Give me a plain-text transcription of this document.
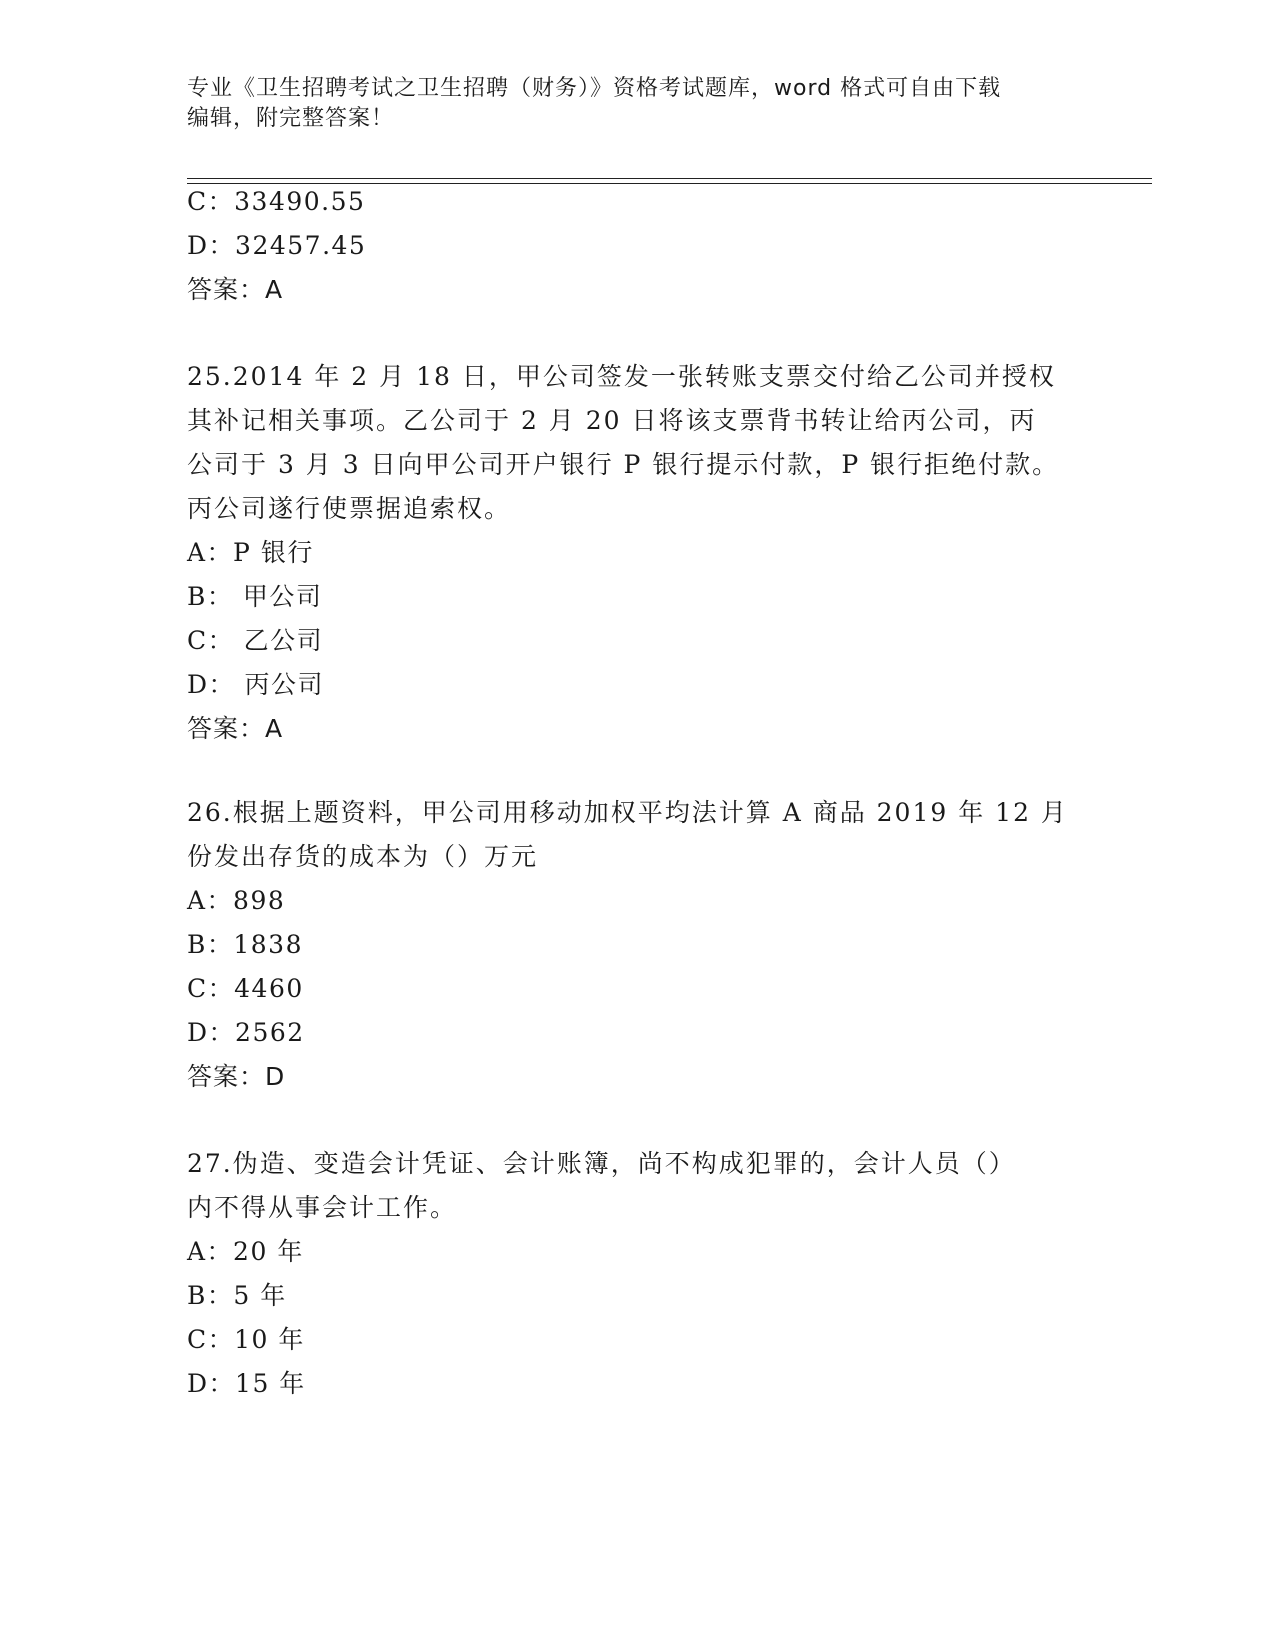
专业《卫生招聘考试之卫生招聘（财务）》资格考试题库，word 格式可自由下载
编辑，附完整答案！
C：33490.55
D：32457.45
答案：A
25.2014 年 2 月 18 日，甲公司签发一张转账支票交付给乙公司并授权
其补记相关事项。乙公司于 2 月 20 日将该支票背书转让给丙公司，丙
公司于 3 月 3 日向甲公司开户银行 P 银行提示付款，P 银行拒绝付款。
丙公司遂行使票据追索权。
A：P 银行
B： 甲公司
C： 乙公司
D： 丙公司
答案：A
26.根据上题资料，甲公司用移动加权平均法计算 A 商品 2019 年 12 月
份发出存货的成本为（）万元
A：898
B：1838
C：4460
D：2562
答案：D
27.伪造、变造会计凭证、会计账簿，尚不构成犯罪的，会计人员（）
内不得从事会计工作。
A：20 年
B：5 年
C：10 年
D：15 年
